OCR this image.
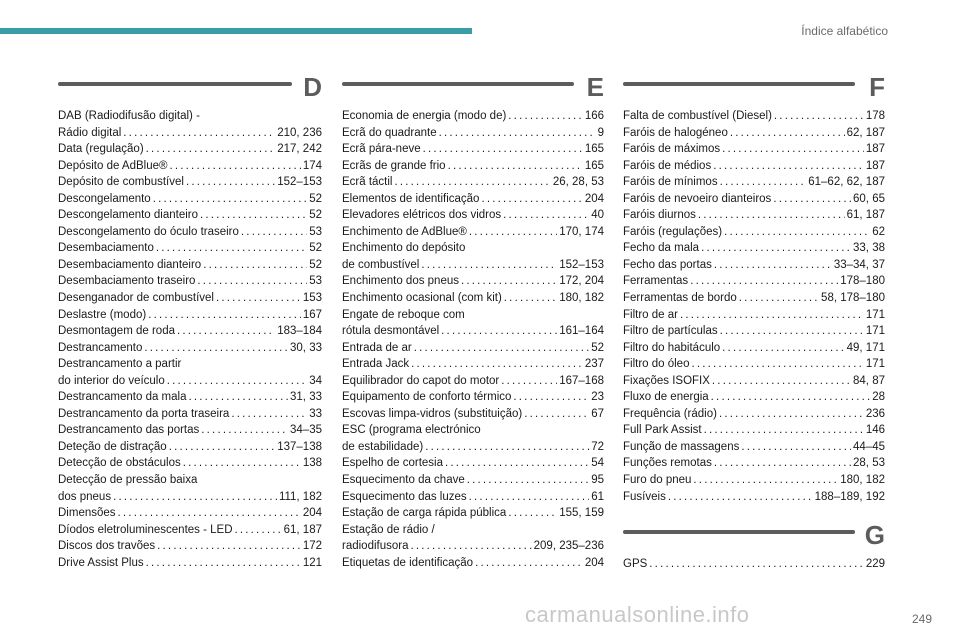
Índice alfabético
D
DAB (Radiodifusão digital) -
Rádio digital . . .	210, 236
Data (regulação) . . .	217, 242
Depósito de AdBlue® . . .	174
Depósito de combustível . . .	152–153
Descongelamento . . .	52
Descongelamento dianteiro . . .	52
Descongelamento do óculo traseiro . . .	53
Desembaciamento . . .	52
Desembaciamento dianteiro . . .	52
Desembaciamento traseiro . . .	53
Desenganador de combustível . . .	153
Deslastre (modo) . . .	167
Desmontagem de roda . . .	183–184
Destrancamento . . .	30, 33
Destrancamento a partir
do interior do veículo . . .	34
Destrancamento da mala . . .	31, 33
Destrancamento da porta traseira . . .	33
Destrancamento das portas . . .	34–35
Deteção de distração . . .	137–138
Detecção de obstáculos . . .	138
Detecção de pressão baixa
dos pneus . . .	111, 182
Dimensões . . .	204
Díodos eletroluminescentes - LED . . .	61, 187
Discos dos travões . . .	172
Drive Assist Plus . . .	121
E
Economia de energia (modo de) . . .	166
Ecrã do quadrante . . .	9
Ecrã pára-neve . . .	165
Ecrãs de grande frio . . .	165
Ecrã táctil . . .	26, 28, 53
Elementos de identificação . . .	204
Elevadores elétricos dos vidros . . .	40
Enchimento de AdBlue® . . .	170, 174
Enchimento do depósito
de combustível . . .	152–153
Enchimento dos pneus . . .	172, 204
Enchimento ocasional (com kit) . . .	180, 182
Engate de reboque com
rótula desmontável . . .	161–164
Entrada de ar . . .	52
Entrada Jack . . .	237
Equilibrador do capot do motor . . .	167–168
Equipamento de conforto térmico . . .	23
Escovas limpa-vidros (substituição) . . .	67
ESC (programa electrónico
de estabilidade) . . .	72
Espelho de cortesia . . .	54
Esquecimento da chave . . .	95
Esquecimento das luzes . . .	61
Estação de carga rápida pública . . .	155, 159
Estação de rádio /
radiodifusora . . .	209, 235–236
Etiquetas de identificação . . .	204
F
Falta de combustível (Diesel) . . .	178
Faróis de halogéneo . . .	62, 187
Faróis de máximos . . .	187
Faróis de médios . . .	187
Faróis de mínimos . . .	61–62, 62, 187
Faróis de nevoeiro dianteiros . . .	60, 65
Faróis diurnos . . .	61, 187
Faróis (regulações) . . .	62
Fecho da mala . . .	33, 38
Fecho das portas . . .	33–34, 37
Ferramentas . . .	178–180
Ferramentas de bordo . . .	58, 178–180
Filtro de ar . . .	171
Filtro de partículas . . .	171
Filtro do habitáculo . . .	49, 171
Filtro do óleo . . .	171
Fixações ISOFIX . . .	84, 87
Fluxo de energia . . .	28
Frequência (rádio) . . .	236
Full Park Assist . . .	146
Função de massagens . . .	44–45
Funções remotas . . .	28, 53
Furo do pneu . . .	180, 182
Fusíveis . . .	188–189, 192
G
GPS . . .	229
carmanualsonline.info	249
